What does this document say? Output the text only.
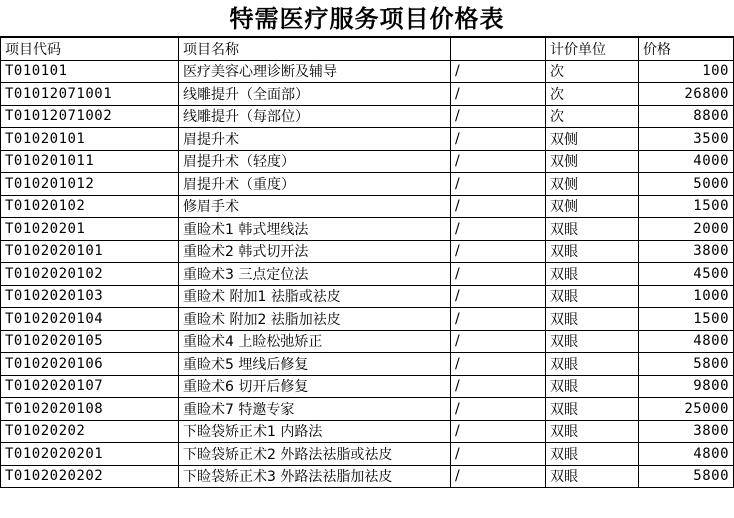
特需医疗服务项目价格表
项目代码	项目名称		计价单位	价格
T010101	医疗美容心理诊断及辅导	/	次	100
T01012071001	线雕提升（全面部）	/	次	26800
T01012071002	线雕提升（每部位）	/	次	8800
T01020101	眉提升术	/	双侧	3500
T010201011	眉提升术（轻度）	/	双侧	4000
T010201012	眉提升术（重度）	/	双侧	5000
T01020102	修眉手术	/	双侧	1500
T01020201	重睑术1 韩式埋线法	/	双眼	2000
T0102020101	重睑术2 韩式切开法	/	双眼	3800
T0102020102	重睑术3 三点定位法	/	双眼	4500
T0102020103	重睑术 附加1 祛脂或祛皮	/	双眼	1000
T0102020104	重睑术 附加2 祛脂加祛皮	/	双眼	1500
T0102020105	重睑术4 上睑松弛矫正	/	双眼	4800
T0102020106	重睑术5 埋线后修复	/	双眼	5800
T0102020107	重睑术6 切开后修复	/	双眼	9800
T0102020108	重睑术7 特邀专家	/	双眼	25000
T01020202	下睑袋矫正术1 内路法	/	双眼	3800
T0102020201	下睑袋矫正术2 外路法祛脂或祛皮	/	双眼	4800
T0102020202	下睑袋矫正术3 外路法祛脂加祛皮	/	双眼	5800
